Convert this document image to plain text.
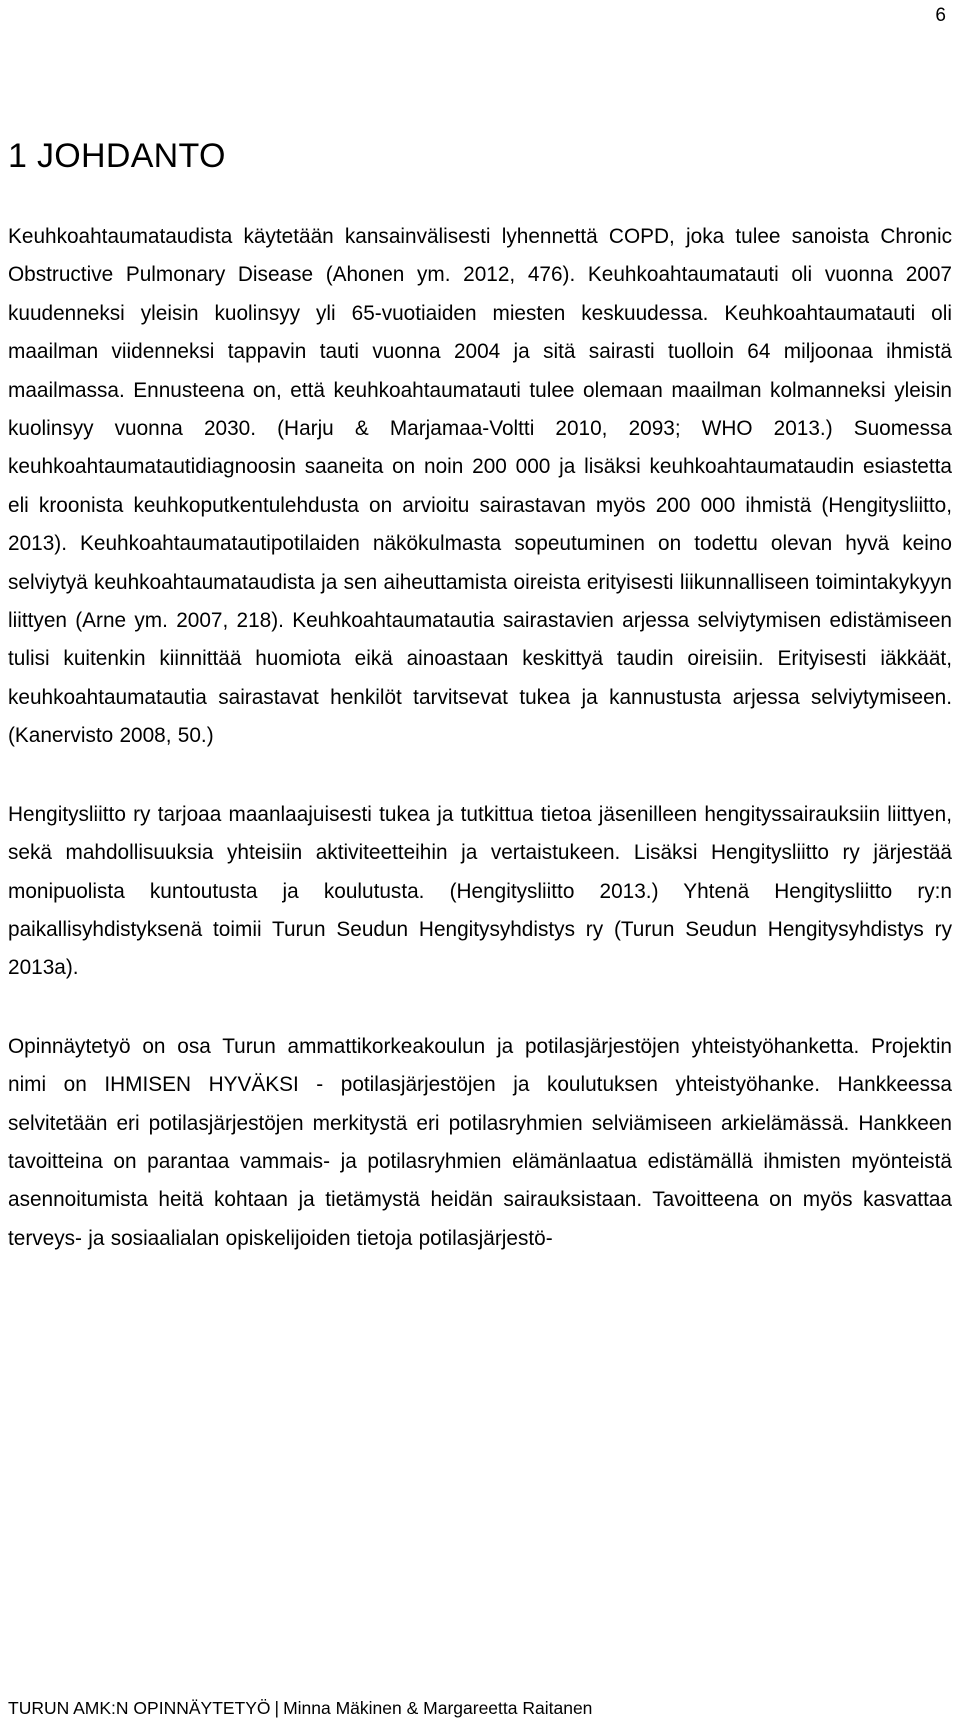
6
1 JOHDANTO

Keuhkoahtaumataudista käytetään kansainvälisesti lyhennettä COPD, joka tulee sanoista Chronic Obstructive Pulmonary Disease (Ahonen ym. 2012, 476). Keuhkoahtaumatauti oli vuonna 2007 kuudenneksi yleisin kuolinsyy yli 65-vuotiaiden miesten keskuudessa. Keuhkoahtaumatauti oli maailman viidenneksi tappavin tauti vuonna 2004 ja sitä sairasti tuolloin 64 miljoonaa ihmistä maailmassa. Ennusteena on, että keuhkoahtaumatauti tulee olemaan maailman kolmanneksi yleisin kuolinsyy vuonna 2030. (Harju & Marjamaa-Voltti 2010, 2093; WHO 2013.) Suomessa keuhkoahtaumatautidiagnoosin saaneita on noin 200 000 ja lisäksi keuhkoahtaumataudin esiastetta eli kroonista keuhkoputkentulehdusta on arvioitu sairastavan myös 200 000 ihmistä (Hengitysliitto, 2013). Keuhkoahtaumatautipotilaiden näkökulmasta sopeutuminen on todettu olevan hyvä keino selviytyä keuhkoahtaumataudista ja sen aiheuttamista oireista erityisesti liikunnalliseen toimintakykyyn liittyen (Arne ym. 2007, 218). Keuhkoahtaumatautia sairastavien arjessa selviytymisen edistämiseen tulisi kuitenkin kiinnittää huomiota eikä ainoastaan keskittyä taudin oireisiin. Erityisesti iäkkäät, keuhkoahtaumatautia sairastavat henkilöt tarvitsevat tukea ja kannustusta arjessa selviytymiseen. (Kanervisto 2008, 50.)

Hengitysliitto ry tarjoaa maanlaajuisesti tukea ja tutkittua tietoa jäsenilleen hengityssairauksiin liittyen, sekä mahdollisuuksia yhteisiin aktiviteetteihin ja vertaistukeen. Lisäksi Hengitysliitto ry järjestää monipuolista kuntoutusta ja koulutusta. (Hengitysliitto 2013.) Yhtenä Hengitysliitto ry:n paikallisyhdistyksenä toimii Turun Seudun Hengitysyhdistys ry (Turun Seudun Hengitysyhdistys ry 2013a).

Opinnäytetyö on osa Turun ammattikorkeakoulun ja potilasjärjestöjen yhteistyöhanketta. Projektin nimi on IHMISEN HYVÄKSI - potilasjärjestöjen ja koulutuksen yhteistyöhanke. Hankkeessa selvitetään eri potilasjärjestöjen merkitystä eri potilasryhmien selviämiseen arkielämässä. Hankkeen tavoitteina on parantaa vammais- ja potilasryhmien elämänlaatua edistämällä ihmisten myönteistä asennoitumista heitä kohtaan ja tietämystä heidän sairauksistaan. Tavoitteena on myös kasvattaa terveys- ja sosiaalialan opiskelijoiden tietoja potilasjärjestö-

TURUN AMK:N OPINNÄYTETYÖ | Minna Mäkinen & Margareetta Raitanen
